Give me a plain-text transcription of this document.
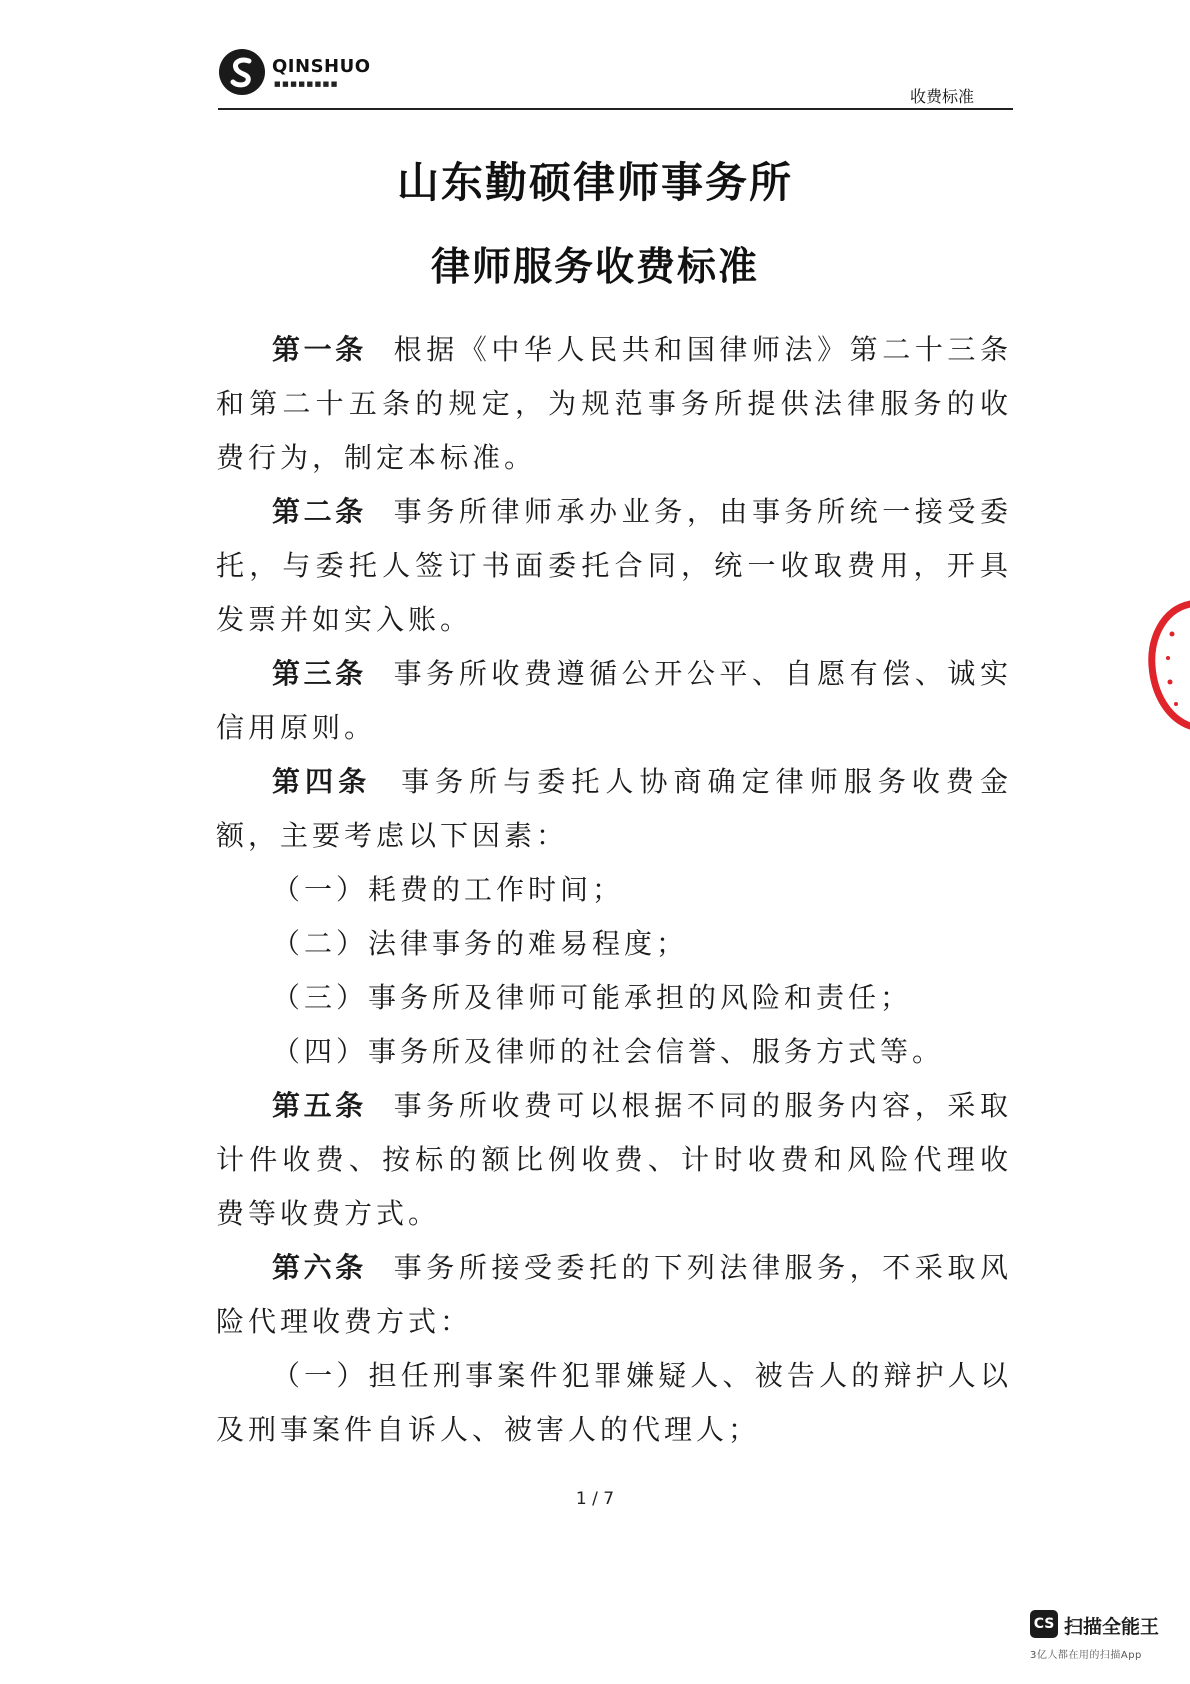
QINSHUO
■■■■■■■■
收费标准
山东勤硕律师事务所
律师服务收费标准

第一条 根据《中华人民共和国律师法》第二十三条和第二十五条的规定，为规范事务所提供法律服务的收费行为，制定本标准。

第二条 事务所律师承办业务，由事务所统一接受委托，与委托人签订书面委托合同，统一收取费用，开具发票并如实入账。

第三条 事务所收费遵循公开公平、自愿有偿、诚实信用原则。

第四条 事务所与委托人协商确定律师服务收费金额，主要考虑以下因素：

（一）耗费的工作时间；

（二）法律事务的难易程度；

（三）事务所及律师可能承担的风险和责任；

（四）事务所及律师的社会信誉、服务方式等。

第五条 事务所收费可以根据不同的服务内容，采取计件收费、按标的额比例收费、计时收费和风险代理收费等收费方式。

第六条 事务所接受委托的下列法律服务，不采取风险代理收费方式：

（一）担任刑事案件犯罪嫌疑人、被告人的辩护人以及刑事案件自诉人、被害人的代理人；

1 / 7
CS 扫描全能王
3亿人都在用的扫描App
